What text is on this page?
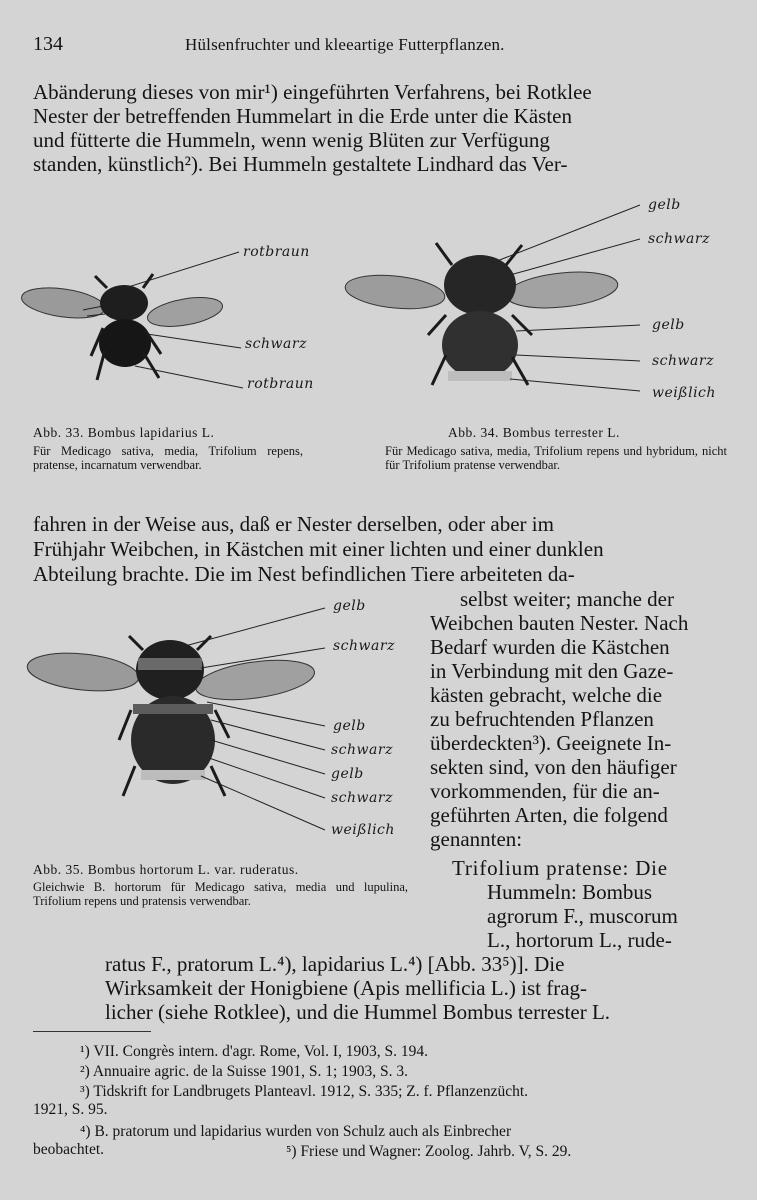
134	Hülsenfruchter und kleeartige Futterpflanzen.
Abänderung dieses von mir¹) eingeführten Verfahrens, bei Rotklee
Nester der betreffenden Hummelart in die Erde unter die Kästen
und fütterte die Hummeln, wenn wenig Blüten zur Verfügung
standen, künstlich²). Bei Hummeln gestaltete Lindhard das Ver-
rotbraun
schwarz
rotbraun
Abb. 33. Bombus lapidarius L.
Für Medicago sativa, media, Trifolium repens, pratense, incarnatum verwendbar.
gelb
schwarz
gelb
schwarz
weißlich
Abb. 34. Bombus terrester L.
Für Medicago sativa, media, Trifolium repens und hybridum, nicht für Trifolium pratense verwendbar.
fahren in der Weise aus, daß er Nester derselben, oder aber im
Frühjahr Weibchen, in Kästchen mit einer lichten und einer dunklen
Abteilung brachte. Die im Nest befindlichen Tiere arbeiteten da-
selbst weiter; manche der
Weibchen bauten Nester. Nach
Bedarf wurden die Kästchen
in Verbindung mit den Gaze-
kästen gebracht, welche die
zu befruchtenden Pflanzen
überdeckten³). Geeignete In-
sekten sind, von den häufiger
vorkommenden, für die an-
geführten Arten, die folgend
genannten:
gelb
schwarz
gelb
schwarz
gelb
schwarz
weißlich
Abb. 35. Bombus hortorum L. var. ruderatus.
Gleichwie B. hortorum für Medicago sativa, media und lupulina, Trifolium repens und pratensis verwendbar.
Trifolium pratense: Die
Hummeln: Bombus
agrorum F., muscorum
L., hortorum L., rude-
ratus F., pratorum L.⁴), lapidarius L.⁴) [Abb. 33⁵)]. Die
Wirksamkeit der Honigbiene (Apis mellificia L.) ist frag-
licher (siehe Rotklee), und die Hummel Bombus terrester L.
¹) VII. Congrès intern. d'agr. Rome, Vol. I, 1903, S. 194.
²) Annuaire agric. de la Suisse 1901, S. 1; 1903, S. 3.
³) Tidskrift for Landbrugets Planteavl. 1912, S. 335; Z. f. Pflanzenzücht.
1921, S. 95.
⁴) B. pratorum und lapidarius wurden von Schulz auch als Einbrecher
beobachtet.	⁵) Friese und Wagner: Zoolog. Jahrb. V, S. 29.
